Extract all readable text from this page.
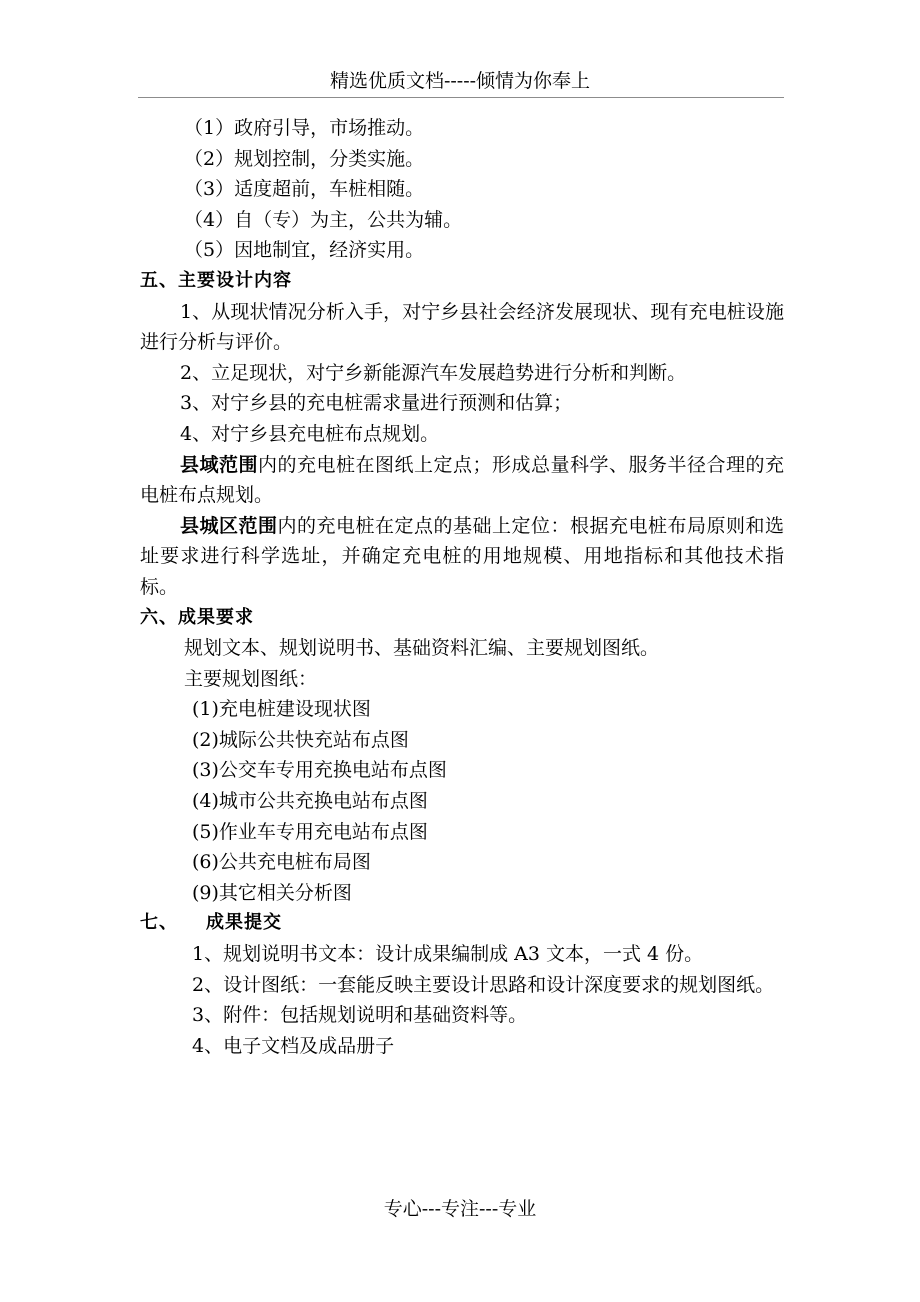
精选优质文档-----倾情为你奉上
（1）政府引导，市场推动。
（2）规划控制，分类实施。
（3）适度超前，车桩相随。
（4）自（专）为主，公共为辅。
（5）因地制宜，经济实用。
五、主要设计内容
1、从现状情况分析入手，对宁乡县社会经济发展现状、现有充电桩设施进行分析与评价。
2、立足现状，对宁乡新能源汽车发展趋势进行分析和判断。
3、对宁乡县的充电桩需求量进行预测和估算；
4、对宁乡县充电桩布点规划。
县域范围内的充电桩在图纸上定点；形成总量科学、服务半径合理的充电桩布点规划。
县城区范围内的充电桩在定点的基础上定位：根据充电桩布局原则和选址要求进行科学选址，并确定充电桩的用地规模、用地指标和其他技术指标。
六、成果要求
规划文本、规划说明书、基础资料汇编、主要规划图纸。
主要规划图纸：
(1)充电桩建设现状图
(2)城际公共快充站布点图
(3)公交车专用充换电站布点图
(4)城市公共充换电站布点图
(5)作业车专用充电站布点图
(6)公共充电桩布局图
(9)其它相关分析图
七、 成果提交
1、规划说明书文本：设计成果编制成 A3 文本，一式 4 份。
2、设计图纸：一套能反映主要设计思路和设计深度要求的规划图纸。
3、附件：包括规划说明和基础资料等。
4、电子文档及成品册子
专心---专注---专业
